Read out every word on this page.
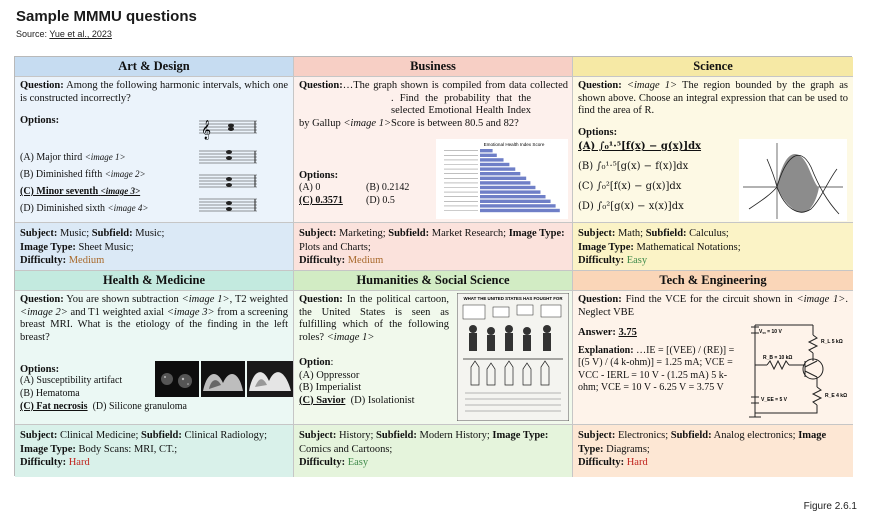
Sample MMMU questions
Source: Yue et al., 2023
Art & Design
Question: Among the following harmonic intervals, which one is constructed incorrectly?
Options:
(A) Major third <image 1>
(B) Diminished fifth <image 2>
(C) Minor seventh <image 3>
(D) Diminished sixth <image 4>
𝄞
Subject: Music; Subfield: Music;
Image Type: Sheet Music;
Difficulty: Medium
Business
Question:…The graph shown is compiled from data collected by Gallup <image 1>. Find the probability that the selected Emotional Health Index Score is between 80.5 and 82?
Options:
(A) 0	(B) 0.2142
(C) 0.3571 (D) 0.5
Emotional Health Index Score
Subject: Marketing; Subfield: Market Research; Image Type: Plots and Charts;
Difficulty: Medium
Science
Question: <image 1> The region bounded by the graph as shown above. Choose an integral expression that can be used to find the area of R.
Options:
(A) ∫₀¹·⁵[f(x) − g(x)]dx
(B) ∫₀¹·⁵[g(x) − f(x)]dx
(C) ∫₀²[f(x) − g(x)]dx
(D) ∫₀²[g(x) − x(x)]dx
Subject: Math; Subfield: Calculus;
Image Type: Mathematical Notations;
Difficulty: Easy
Health & Medicine
Question: You are shown subtraction <image 1>, T2 weighted <image 2> and T1 weighted axial <image 3> from a screening breast MRI. What is the etiology of the finding in the left breast?
Options:
(A) Susceptibility artifact
(B) Hematoma
(C) Fat necrosis (D) Silicone granuloma
Subject: Clinical Medicine; Subfield: Clinical Radiology; Image Type: Body Scans: MRI, CT.;
Difficulty: Hard
Humanities & Social Science
Question: In the political cartoon, the United States is seen as fulfilling which of the following roles? <image 1>
Option:
(A) Oppressor
(B) Imperialist
(C) Savior (D) Isolationist
WHAT THE UNITED STATES HAS FOUGHT FOR
Subject: History; Subfield: Modern History; Image Type: Comics and Cartoons;
Difficulty: Easy
Tech & Engineering
Question: Find the VCE for the circuit shown in <image 1>. Neglect VBE
Answer: 3.75
Explanation: …IE = [(VEE) / (RE)] = [(5 V) / (4 k-ohm)] = 1.25 mA; VCE = VCC - IERL = 10 V - (1.25 mA) 5 k-ohm; VCE = 10 V - 6.25 V = 3.75 V
V꜀꜀ = 10 V
R_B = 10 kΩ
V_EE = 5 V
R_L 5 kΩ
R_E 4 kΩ
Subject: Electronics; Subfield: Analog electronics; Image Type: Diagrams;
Difficulty: Hard
Figure 2.6.1
